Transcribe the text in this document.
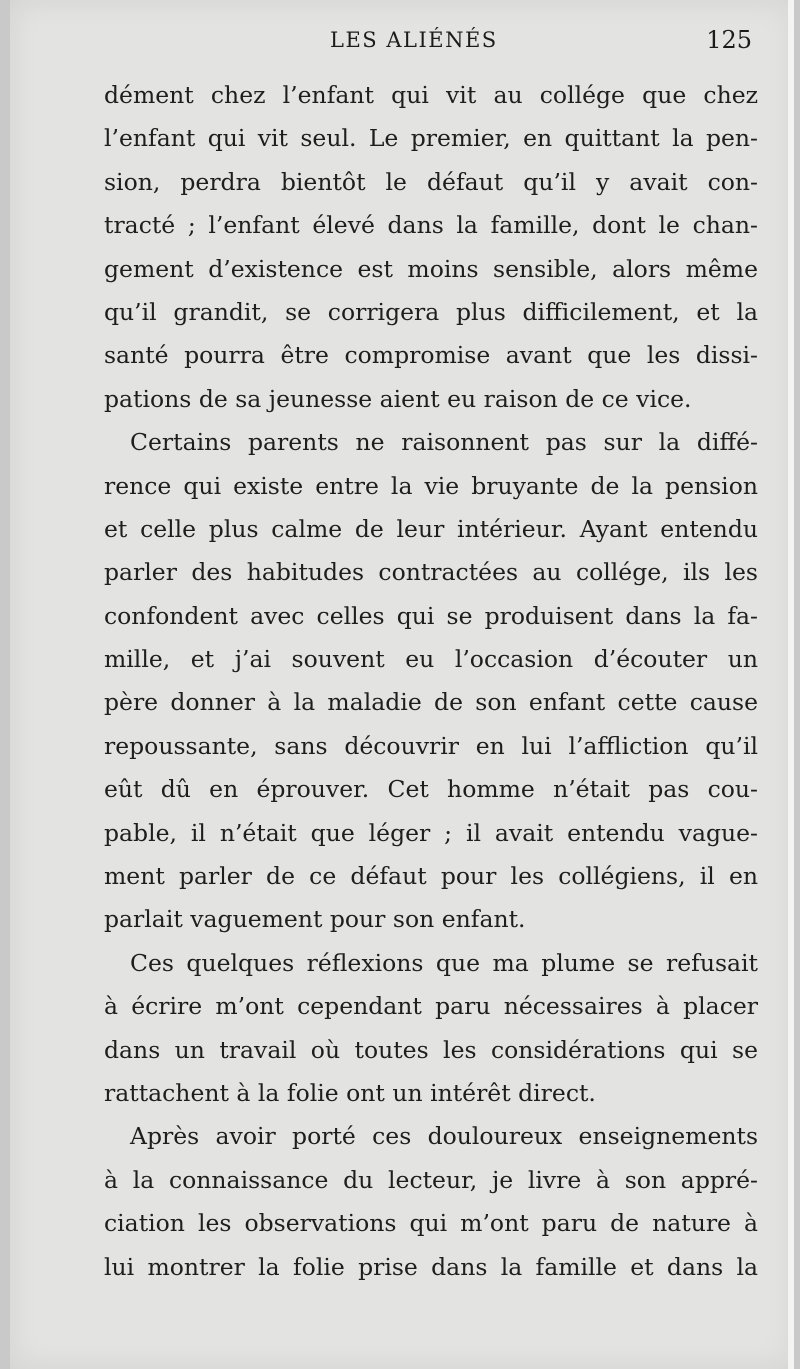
LES ALIÉNÉS	125
dément chez l’enfant qui vit au collége que chez
l’enfant qui vit seul. Le premier, en quittant la pen-
sion, perdra bientôt le défaut qu’il y avait con-
tracté ; l’enfant élevé dans la famille, dont le chan-
gement d’existence est moins sensible, alors même
qu’il grandit, se corrigera plus difficilement, et la
santé pourra être compromise avant que les dissi-
pations de sa jeunesse aient eu raison de ce vice.
Certains parents ne raisonnent pas sur la diffé-
rence qui existe entre la vie bruyante de la pension
et celle plus calme de leur intérieur. Ayant entendu
parler des habitudes contractées au collége, ils les
confondent avec celles qui se produisent dans la fa-
mille, et j’ai souvent eu l’occasion d’écouter un
père donner à la maladie de son enfant cette cause
repoussante, sans découvrir en lui l’affliction qu’il
eût dû en éprouver. Cet homme n’était pas cou-
pable, il n’était que léger ; il avait entendu vague-
ment parler de ce défaut pour les collégiens, il en
parlait vaguement pour son enfant.
Ces quelques réflexions que ma plume se refusait
à écrire m’ont cependant paru nécessaires à placer
dans un travail où toutes les considérations qui se
rattachent à la folie ont un intérêt direct.
Après avoir porté ces douloureux enseignements
à la connaissance du lecteur, je livre à son appré-
ciation les observations qui m’ont paru de nature à
lui montrer la folie prise dans la famille et dans la
